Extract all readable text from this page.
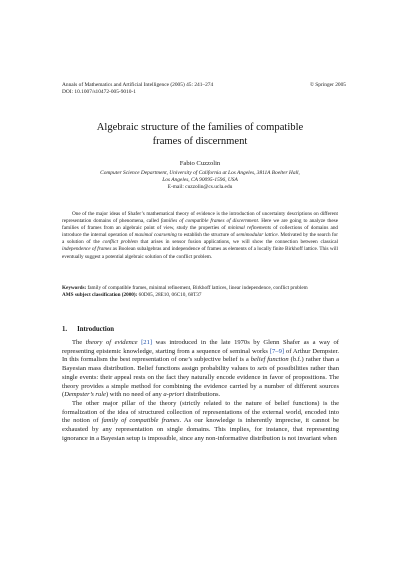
Annals of Mathematics and Artificial Intelligence (2005) 45: 241–274	© Springer 2005
DOI: 10.1007/s10472-005-9010-1
Algebraic structure of the families of compatible
frames of discernment
Fabio Cuzzolin
Computer Science Department, University of California at Los Angeles, 3811A Boelter Hall,
Los Angeles, CA 90095-1596, USA
E-mail: cuzzolin@cs.ucla.edu

One of the major ideas of Shafer’s mathematical theory of evidence is the introduction of uncertainty descriptions on different representation domains of phenomena, called families of compatible frames of discernment. Here we are going to analyze these families of frames from an algebraic point of view, study the properties of minimal refinements of collections of domains and introduce the internal operation of maximal coarsening to establish the structure of semimodular lattice. Motivated by the search for a solution of the conflict problem that arises in sensor fusion applications, we will show the connection between classical independence of frames as Boolean subalgebras and independence of frames as elements of a locally finite Birkhoff lattice. This will eventually suggest a potential algebraic solution of the conflict problem.

Keywords: family of compatible frames, minimal refinement, Birkhoff lattices, linear independence, conflict problem

AMS subject classification (2000): 60D05, 28E10, 06C10, 68T37

1. Introduction

The theory of evidence [21] was introduced in the late 1970s by Glenn Shafer as a way of representing epistemic knowledge, starting from a sequence of seminal works [7–9] of Arthur Dempster. In this formalism the best representation of one’s subjective belief is a belief function (b.f.) rather than a Bayesian mass distribution. Belief functions assign probability values to sets of possibilities rather than single events: their appeal rests on the fact they naturally encode evidence in favor of propositions. The theory provides a simple method for combining the evidence carried by a number of different sources (Dempster’s rule) with no need of any a-priori distributions.

The other major pillar of the theory (strictly related to the nature of belief functions) is the formalization of the idea of structured collection of representations of the external world, encoded into the notion of family of compatible frames. As our knowledge is inherently imprecise, it cannot be exhausted by any representation on single domains. This implies, for instance, that representing ignorance in a Bayesian setup is impossible, since any non-informative distribution is not invariant when
